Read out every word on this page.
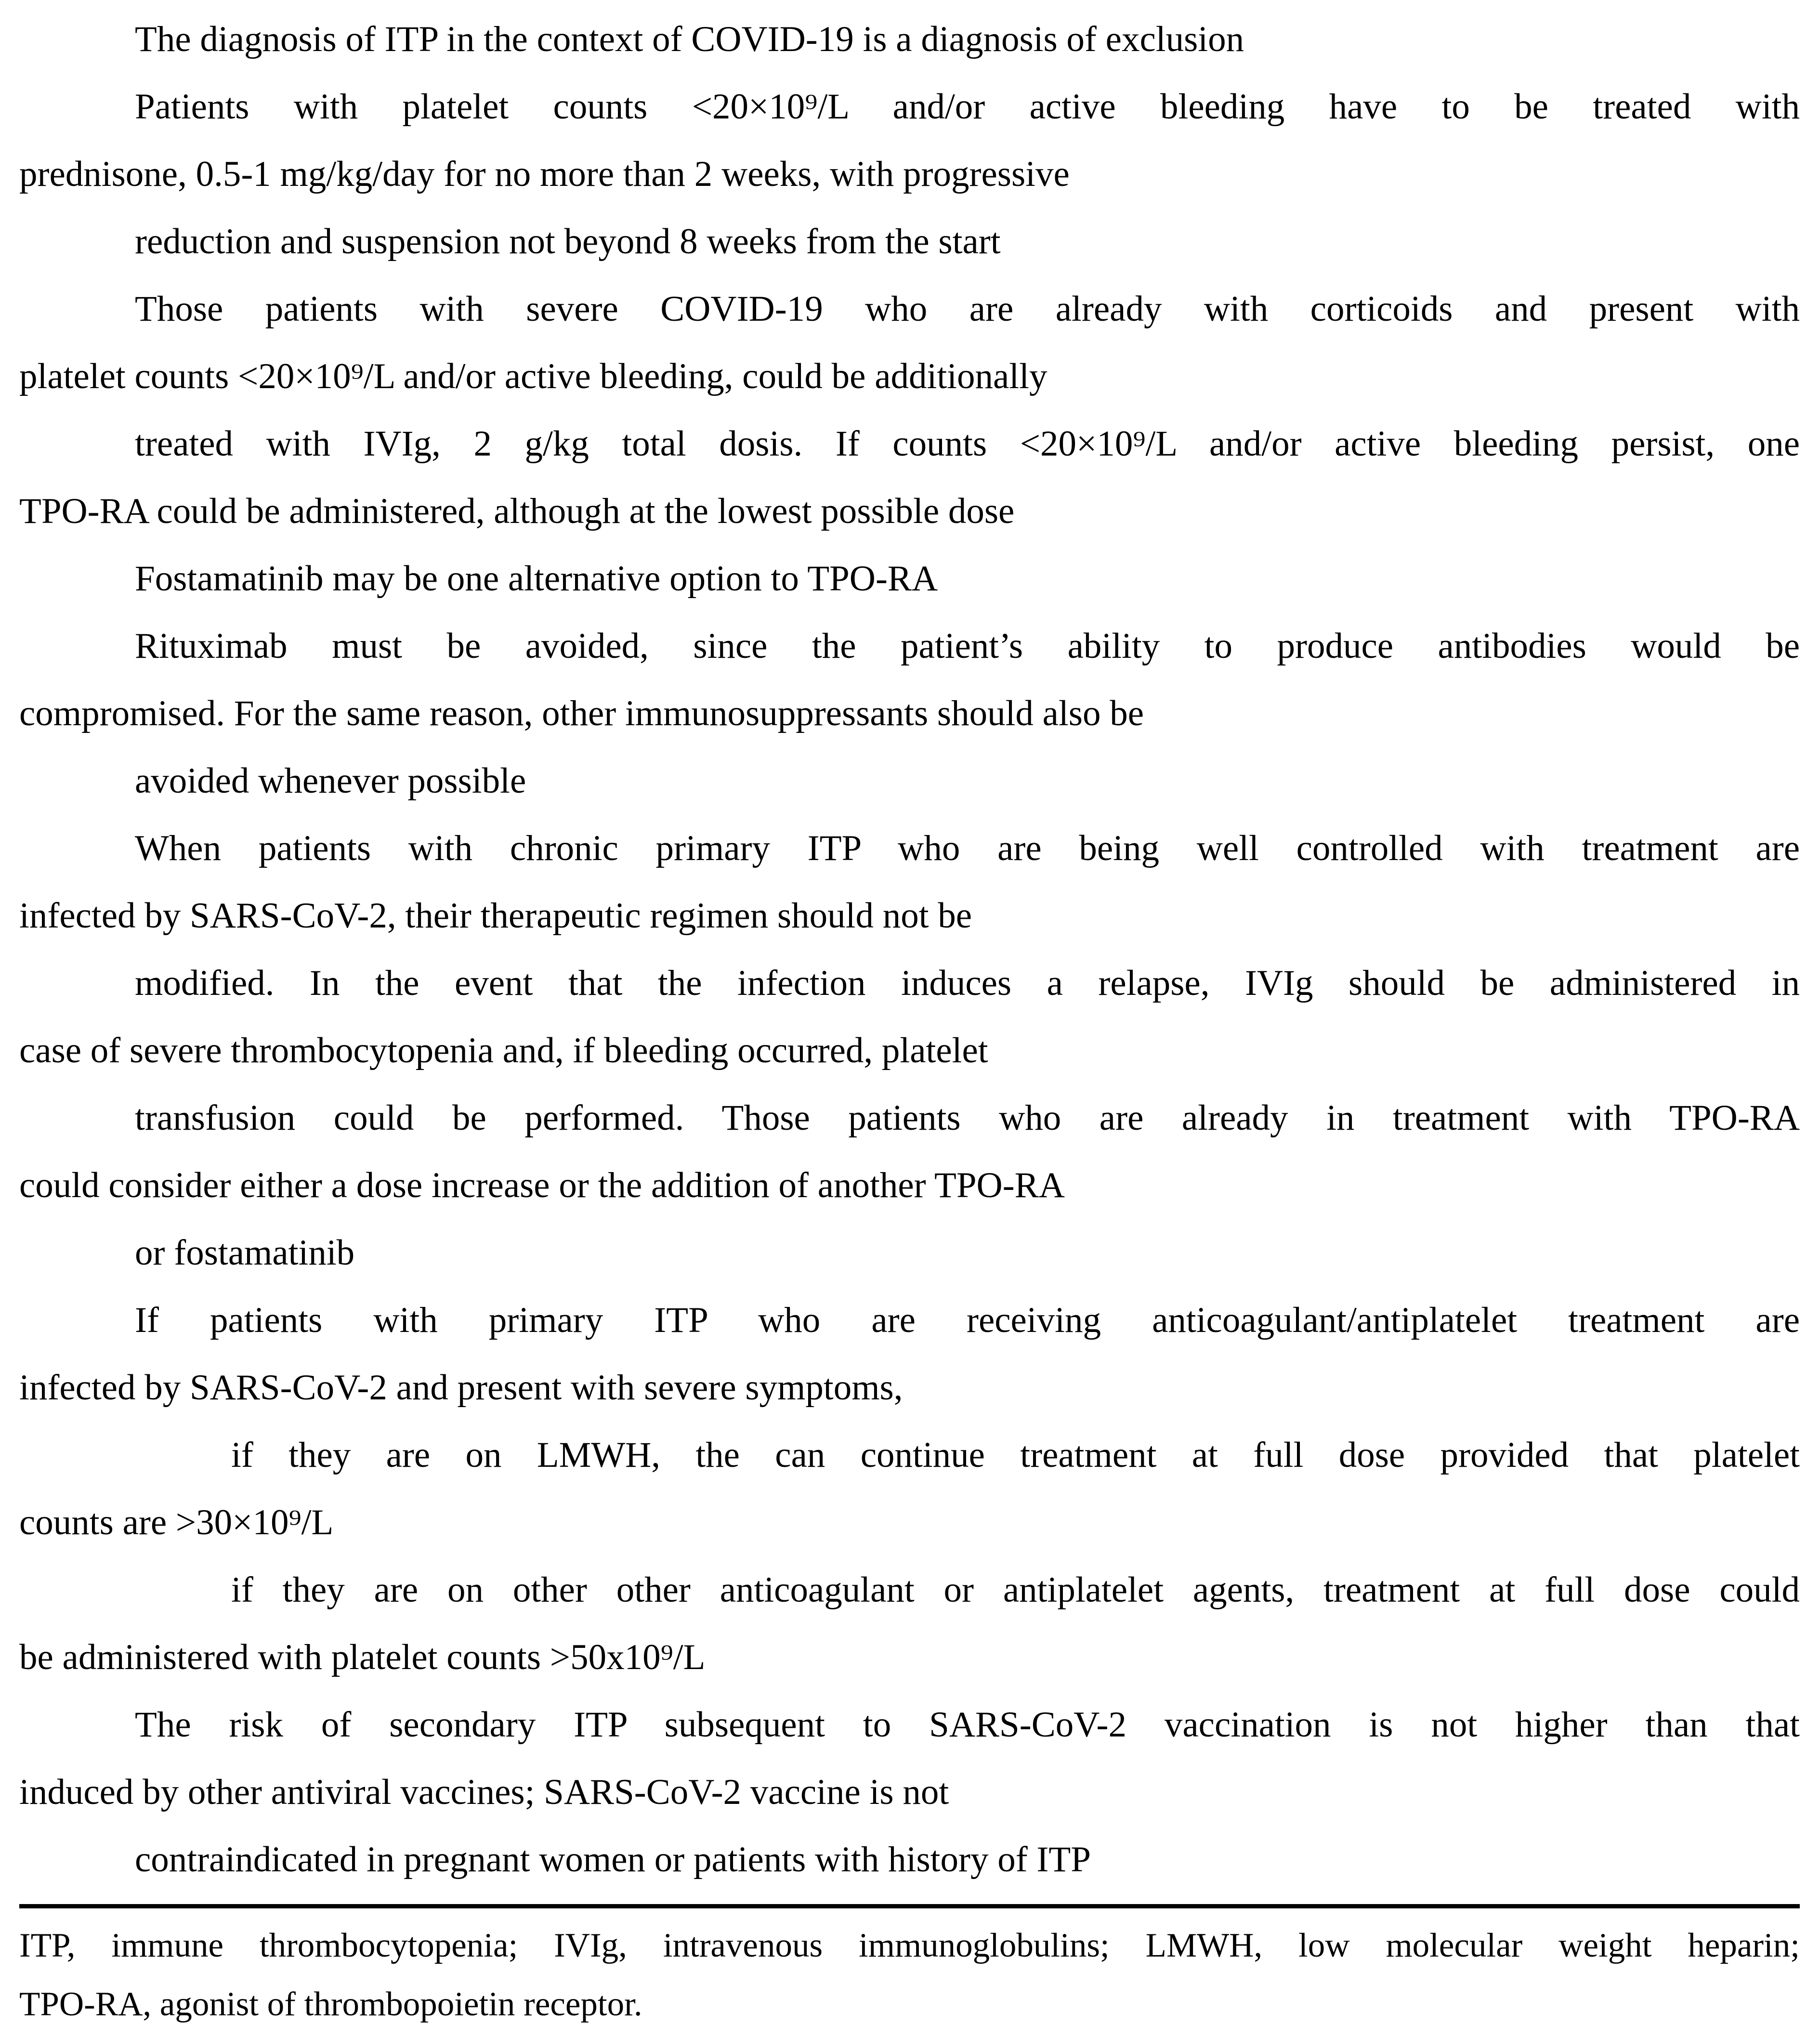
The diagnosis of ITP in the context of COVID-19 is a diagnosis of exclusion
Patients with platelet counts <20×10⁹/L and/or active bleeding have to be treated with
prednisone, 0.5-1 mg/kg/day for no more than 2 weeks, with progressive
reduction and suspension not beyond 8 weeks from the start
Those patients with severe COVID-19 who are already with corticoids and present with
platelet counts <20×10⁹/L and/or active bleeding, could be additionally
treated with IVIg, 2 g/kg total dosis. If counts <20×10⁹/L and/or active bleeding persist, one
TPO-RA could be administered, although at the lowest possible dose
Fostamatinib may be one alternative option to TPO-RA
Rituximab must be avoided, since the patient’s ability to produce antibodies would be
compromised. For the same reason, other immunosuppressants should also be
avoided whenever possible
When patients with chronic primary ITP who are being well controlled with treatment are
infected by SARS-CoV-2, their therapeutic regimen should not be
modified. In the event that the infection induces a relapse, IVIg should be administered in
case of severe thrombocytopenia and, if bleeding occurred, platelet
transfusion could be performed. Those patients who are already in treatment with TPO-RA
could consider either a dose increase or the addition of another TPO-RA
or fostamatinib
If patients with primary ITP who are receiving anticoagulant/antiplatelet treatment are
infected by SARS-CoV-2 and present with severe symptoms,
if they are on LMWH, the can continue treatment at full dose provided that platelet
counts are >30×10⁹/L
if they are on other other anticoagulant or antiplatelet agents, treatment at full dose could
be administered with platelet counts >50x10⁹/L
The risk of secondary ITP subsequent to SARS-CoV-2 vaccination is not higher than that
induced by other antiviral vaccines; SARS-CoV-2 vaccine is not
contraindicated in pregnant women or patients with history of ITP
ITP, immune thrombocytopenia; IVIg, intravenous immunoglobulins; LMWH, low molecular weight heparin;
TPO-RA, agonist of thrombopoietin receptor.
